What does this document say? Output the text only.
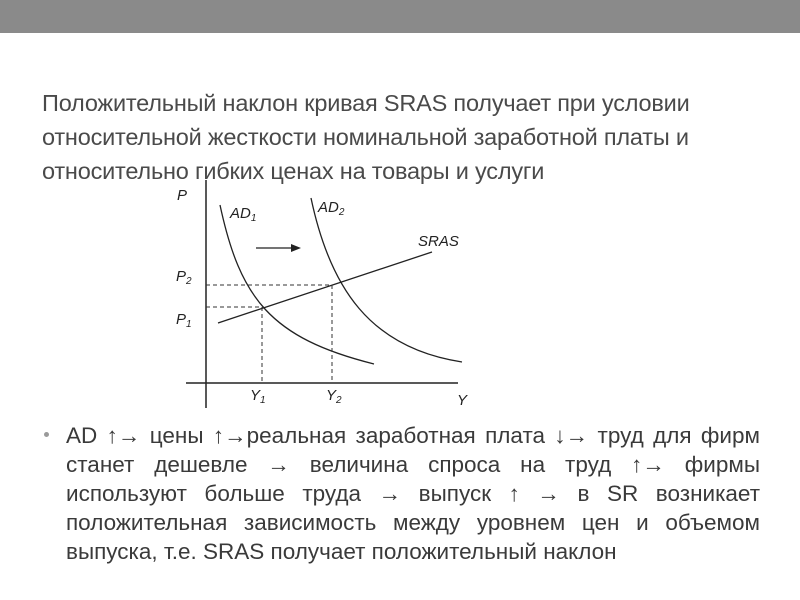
Положительный наклон кривая SRAS получает при условии
относительной жесткости номинальной заработной платы и
относительно гибких ценах на товары и услуги
P
Y
$AD_1$
$AD_2$
SRAS
$P_2$
$P_1$
$Y_1$	$Y_2$
AD ↑→ цены ↑→реальная заработная плата ↓→ труд для фирм станет дешевле → величина спроса на труд ↑→ фирмы используют больше труда → выпуск ↑ → в SR возникает положительная зависимость между уровнем цен и объемом выпуска, т.е. SRAS получает положительный наклон
